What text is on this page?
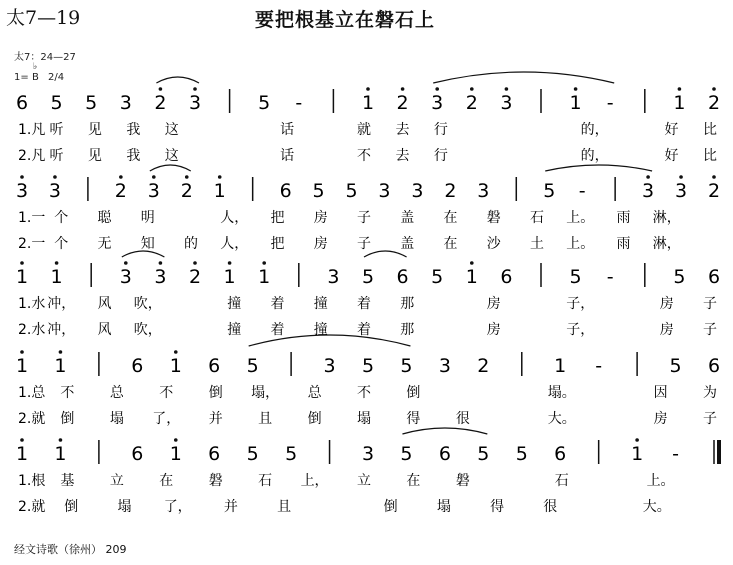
太7—19	要把根基立在磐石上
太7：24—27
1=
♭
B 2/4
6 5 5 3 2 3	5 -	1 2 3 2 3	1 -	1 2
1.凡 听 见 我 这	话	就 去 行	的，	好 比
2.凡 听 见 我 这	话	不 去 行	的，	好 比
3 3	2 3 2 1	6 5 5 3 3 2 3	5 -	3 3 2
1.一 个 聪 明	人， 把 房 子 盖 在 磐 石 上。 雨 淋，
2.一 个 无 知 的 人， 把 房 子 盖 在 沙 土 上。 雨 淋，
1 1	3 3 2 1 1	3 5 6 5 1 6	5 -	5 6
1.水 冲， 风 吹，	撞 着 撞 着 那	房	子，	房 子
2.水 冲， 风 吹，	撞 着 撞 着 那	房	子，	房 子
1 1	6 1 6 5	3 5 5 3 2	1 -	5 6
1.总 不	总	不	倒 塌， 总	不	倒	塌。	因	为
2.就 倒	塌 了， 并	且	倒	塌	得	很	大。	房	子
1 1	6 1 6 5 5	3 5 6 5 5 6	1 -
1.根 基	立	在	磐	石 上， 立	在	磐	石	上。
2.就 倒	塌 了， 并	且	倒	塌	得	很	大。
经文诗歌（徐州） 209
